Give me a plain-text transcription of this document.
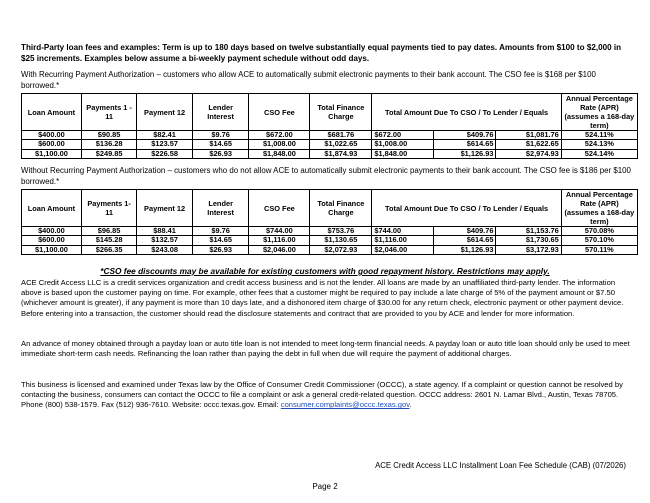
Third-Party loan fees and examples: Term is up to 180 days based on twelve substantially equal payments tied to pay dates. Amounts from $100 to $2,000 in $25 increments. Examples below assume a bi-weekly payment schedule without odd days.
With Recurring Payment Authorization – customers who allow ACE to automatically submit electronic payments to their bank account. The CSO fee is $168 per $100 borrowed.*
Loan Amount	Payments 1 - 11	Payment 12	Lender Interest	CSO Fee	Total Finance Charge	Total Amount Due To CSO / To Lender / Equals			Annual Percentage Rate (APR) (assumes a 168-day term)
$400.00	$90.85	$82.41	$9.76	$672.00	$681.76	$672.00	$409.76	$1,081.76	524.11%
$600.00	$136.28	$123.57	$14.65	$1,008.00	$1,022.65	$1,008.00	$614.65	$1,622.65	524.13%
$1,100.00	$249.85	$226.58	$26.93	$1,848.00	$1,874.93	$1,848.00	$1,126.93	$2,974.93	524.14%
Without Recurring Payment Authorization – customers who do not allow ACE to automatically submit electronic payments to their bank account. The CSO fee is $186 per $100 borrowed.*
Loan Amount	Payments 1-11	Payment 12	Lender Interest	CSO Fee	Total Finance Charge	Total Amount Due To CSO / To Lender / Equals			Annual Percentage Rate (APR) (assumes a 168-day term)
$400.00	$96.85	$88.41	$9.76	$744.00	$753.76	$744.00	$409.76	$1,153.76	570.08%
$600.00	$145.28	$132.57	$14.65	$1,116.00	$1,130.65	$1,116.00	$614.65	$1,730.65	570.10%
$1,100.00	$266.35	$243.08	$26.93	$2,046.00	$2,072.93	$2,046.00	$1,126.93	$3,172.93	570.11%
*CSO fee discounts may be available for existing customers with good repayment history. Restrictions may apply.
ACE Credit Access LLC is a credit services organization and credit access business and is not the lender. All loans are made by an unaffiliated third-party lender. The information above is based upon the customer paying on time. For example, other fees that a customer might be required to pay include a late charge of 5% of the payment amount or $7.50 (whichever amount is greater), if any payment is more than 10 days late, and a dishonored item charge of $30.00 for any return check, electronic payment or other payment device. Before entering into a transaction, the customer should read the disclosure statements and contract that are provided to you by ACE and lender for more information.
An advance of money obtained through a payday loan or auto title loan is not intended to meet long-term financial needs. A payday loan or auto title loan should only be used to meet immediate short-term cash needs. Refinancing the loan rather than paying the debt in full when due will require the payment of additional charges.
This business is licensed and examined under Texas law by the Office of Consumer Credit Commissioner (OCCC), a state agency. If a complaint or question cannot be resolved by contacting the business, consumers can contact the OCCC to file a complaint or ask a general credit-related question. OCCC address: 2601 N. Lamar Blvd., Austin, Texas 78705. Phone (800) 538-1579. Fax (512) 936-7610. Website: occc.texas.gov. Email: consumer.complaints@occc.texas.gov.
ACE Credit Access LLC Installment Loan Fee Schedule (CAB) (07/2026)
Page 2
